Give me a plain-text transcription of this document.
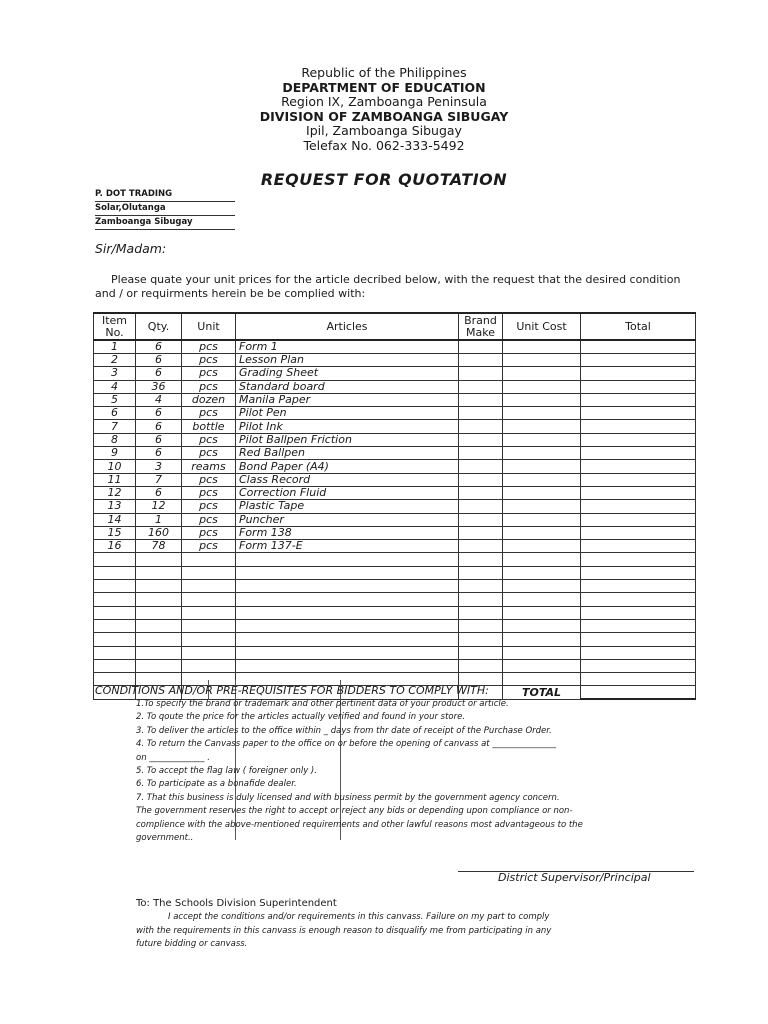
Republic of the Philippines
DEPARTMENT OF EDUCATION
Region IX, Zamboanga Peninsula
DIVISION OF ZAMBOANGA SIBUGAY
Ipil, Zamboanga Sibugay
Telefax No. 062-333-5492
REQUEST FOR QUOTATION
P. DOT TRADING
Solar,Olutanga
Zamboanga Sibugay
Sir/Madam:
Please quate your unit prices for the article decribed below, with the request that the desired condition and / or requirments herein be be complied with:
Item No.	Qty.	Unit	Articles	Brand Make	Unit Cost	Total
1	6	pcs	Form 1			
2	6	pcs	Lesson Plan			
3	6	pcs	Grading Sheet			
4	36	pcs	Standard board			
5	4	dozen	Manila Paper			
6	6	pcs	Pilot Pen			
7	6	bottle	Pilot Ink			
8	6	pcs	Pilot Ballpen Friction			
9	6	pcs	Red Ballpen			
10	3	reams	Bond Paper (A4)			
11	7	pcs	Class Record			
12	6	pcs	Correction Fluid			
13	12	pcs	Plastic Tape			
14	1	pcs	Puncher			
15	160	pcs	Form 138			
16	78	pcs	Form 137-E			

					TOTAL	
CONDITIONS AND/OR PRE-REQUISITES FOR BIDDERS TO COMPLY WITH:
1.To specify the brand or trademark and other pertinent data of your product or article.
2. To qoute the price for the articles actually verified and found in your store.
3. To deliver the articles to the office within _ days from thr date of receipt of the Purchase Order.
4. To return the Canvass paper to the office on or before the opening of canvass at _______________
on _____________ .
5. To accept the flag law ( foreigner only ).
6. To participate as a bonafide dealer.
7. That this business is duly licensed and with business permit by the government agency concern.
The government reserves the right to accept or reject any bids or depending upon compliance or non-
complience with the above-mentioned requirements and other lawful reasons most advantageous to the
government..
District Supervisor/Principal
To: The Schools Division Superintendent
I accept the conditions and/or requirements in this canvass. Failure on my part to comply
with the requirements in this canvass is enough reason to disqualify me from participating in any
future bidding or canvass.
